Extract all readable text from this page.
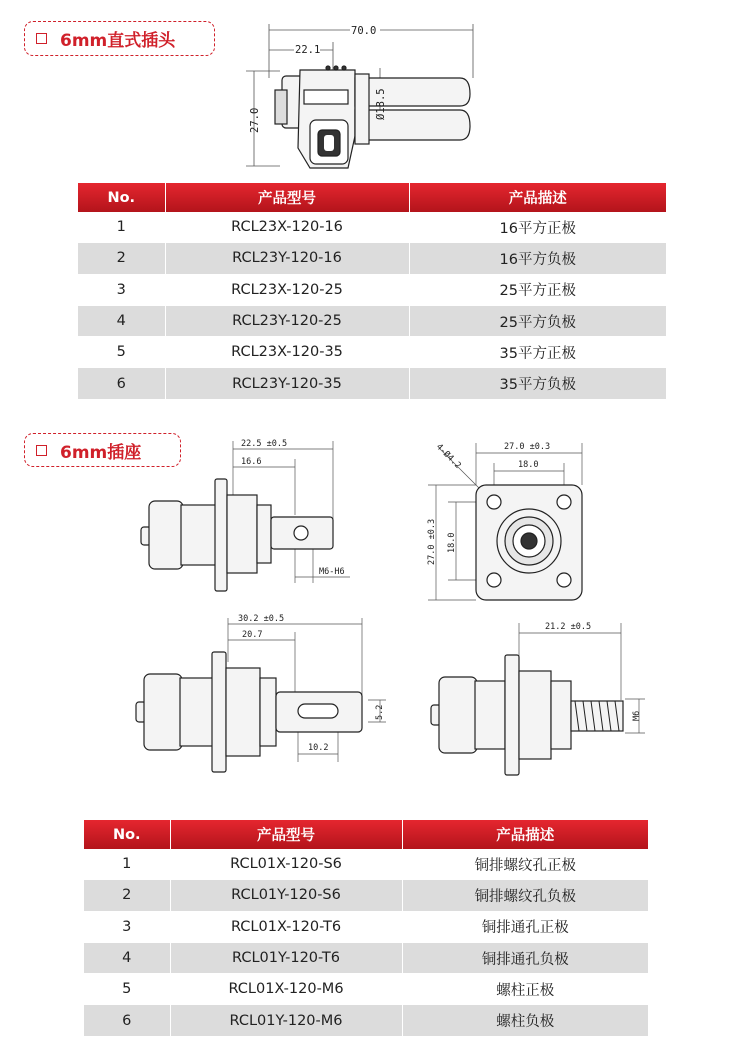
6mm直式插头	70.0
22.1
27.0
Ø18.5
No.	产品型号	产品描述
1	RCL23X-120-16	16平方正极
2	RCL23Y-120-16	16平方负极
3	RCL23X-120-25	25平方正极
4	RCL23Y-120-25	25平方负极
5	RCL23X-120-35	35平方正极
6	RCL23Y-120-35	35平方负极
6mm插座	22.5 ±0.5
16.6
M6-H6
4-Ø4.2	27.0 ±0.3
18.0
27.0 ±0.3 18.0
30.2 ±0.5
20.7
5.2
10.2
21.2 ±0.5
M6
No.	产品型号	产品描述
1	RCL01X-120-S6	铜排螺纹孔正极
2	RCL01Y-120-S6	铜排螺纹孔负极
3	RCL01X-120-T6	铜排通孔正极
4	RCL01Y-120-T6	铜排通孔负极
5	RCL01X-120-M6	螺柱正极
6	RCL01Y-120-M6	螺柱负极
